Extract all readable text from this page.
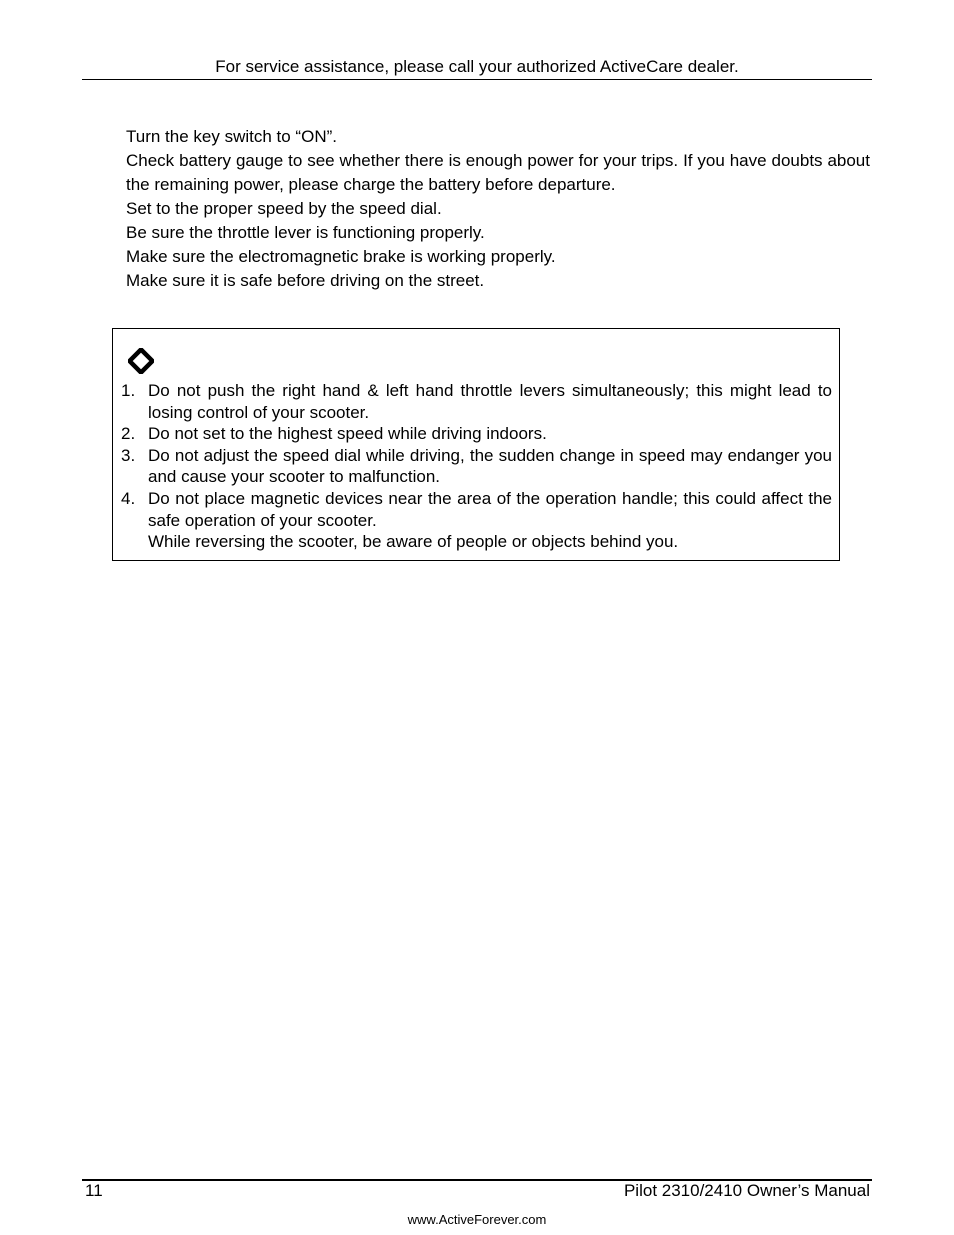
For service assistance, please call your authorized ActiveCare dealer.
Turn the key switch to “ON”.
Check battery gauge to see whether there is enough power for your trips. If you have doubts about the remaining power, please charge the battery before departure.
Set to the proper speed by the speed dial.
Be sure the throttle lever is functioning properly.
Make sure the electromagnetic brake is working properly.
Make sure it is safe before driving on the street.
1. Do not push the right hand & left hand throttle levers simultaneously; this might lead to losing control of your scooter.
2. Do not set to the highest speed while driving indoors.
3. Do not adjust the speed dial while driving, the sudden change in speed may endanger you and cause your scooter to malfunction.
4. Do not place magnetic devices near the area of the operation handle; this could affect the safe operation of your scooter.
While reversing the scooter, be aware of people or objects behind you.
11	Pilot 2310/2410 Owner’s Manual
www.ActiveForever.com
